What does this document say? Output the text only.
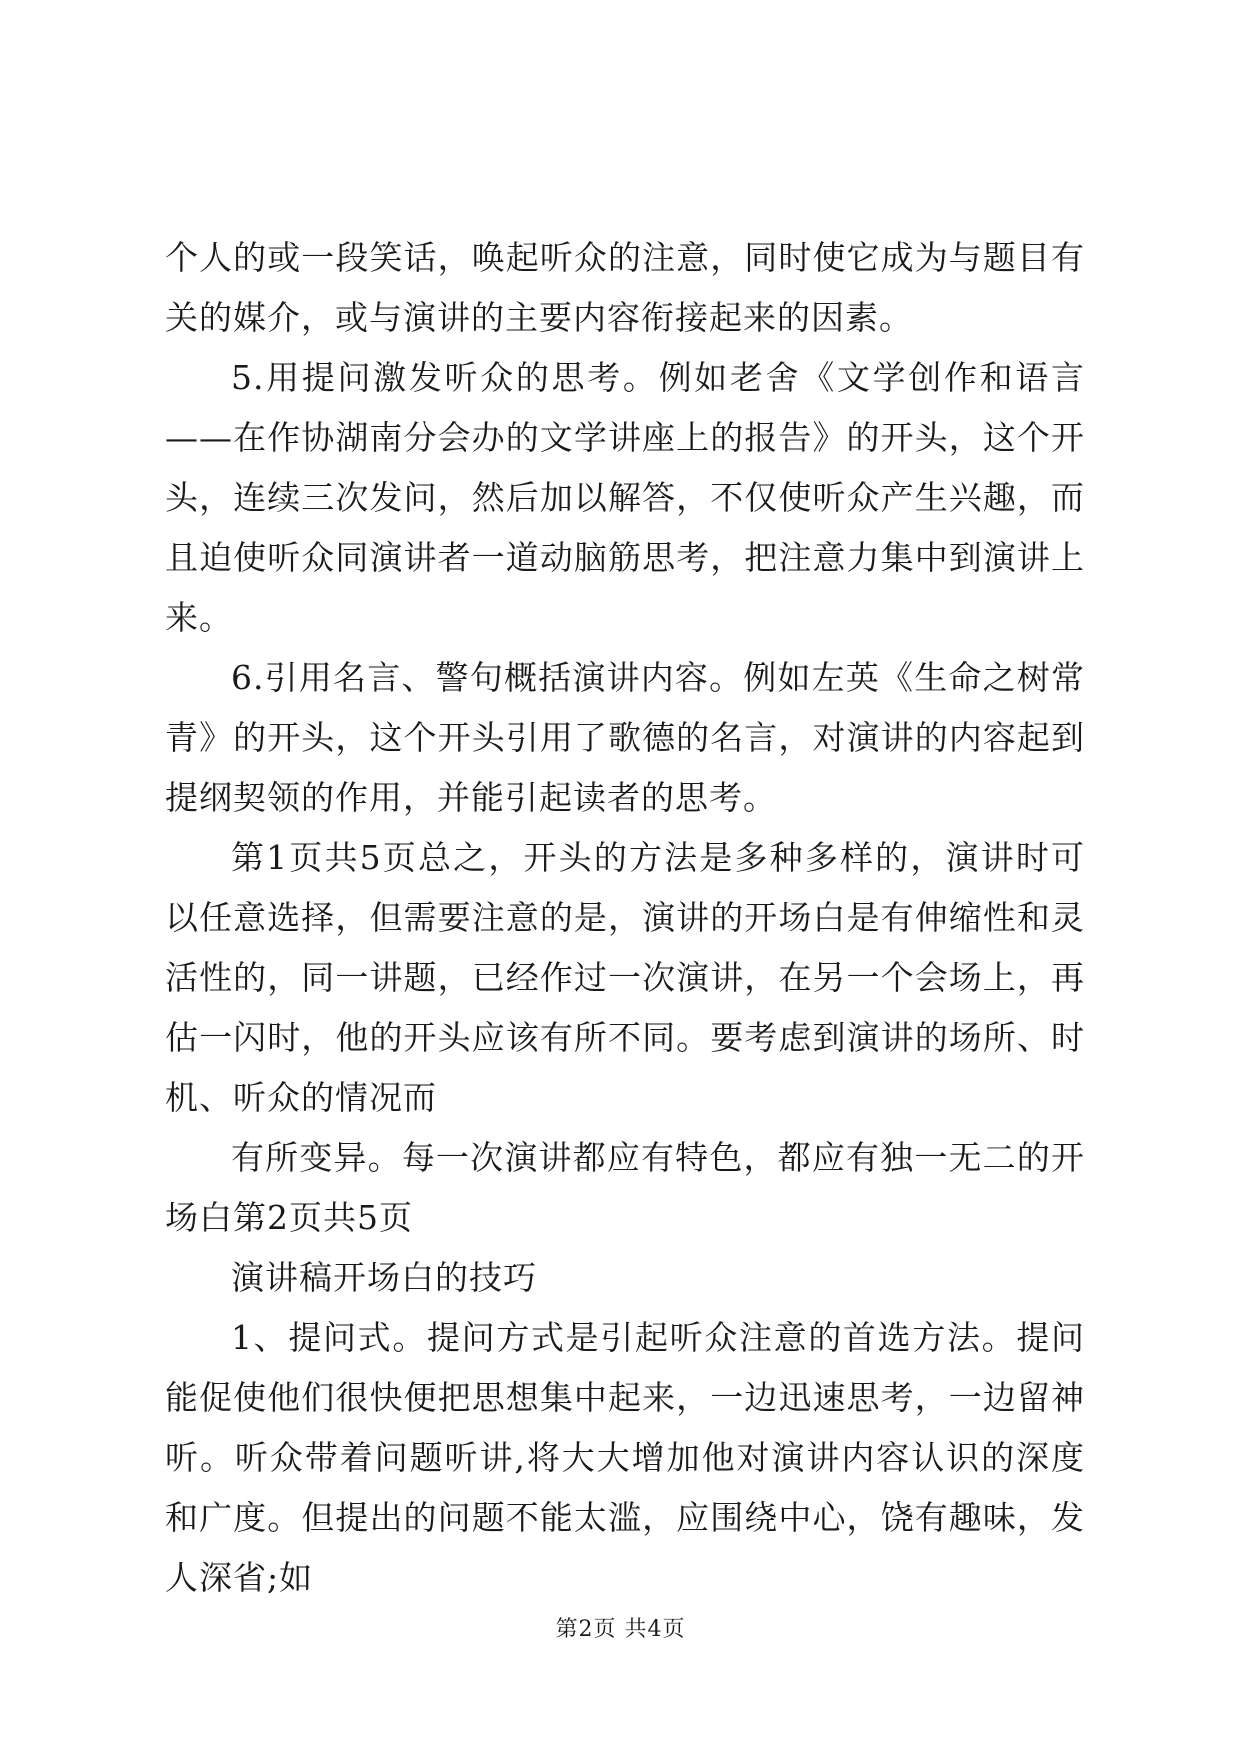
个人的或一段笑话，唤起听众的注意，同时使它成为与题目有关的媒介，或与演讲的主要内容衔接起来的因素。

5.用提问激发听众的思考。例如老舍《文学创作和语言——在作协湖南分会办的文学讲座上的报告》的开头，这个开头，连续三次发问，然后加以解答，不仅使听众产生兴趣，而且迫使听众同演讲者一道动脑筋思考，把注意力集中到演讲上来。

6.引用名言、警句概括演讲内容。例如左英《生命之树常青》的开头，这个开头引用了歌德的名言，对演讲的内容起到提纲契领的作用，并能引起读者的思考。

第1页共5页总之，开头的方法是多种多样的，演讲时可以任意选择，但需要注意的是，演讲的开场白是有伸缩性和灵活性的，同一讲题，已经作过一次演讲，在另一个会场上，再估一闪时，他的开头应该有所不同。要考虑到演讲的场所、时机、听众的情况而

有所变异。每一次演讲都应有特色，都应有独一无二的开场白第2页共5页

演讲稿开场白的技巧

1、提问式。提问方式是引起听众注意的首选方法。提问能促使他们很快便把思想集中起来，一边迅速思考，一边留神听。听众带着问题听讲,将大大增加他对演讲内容认识的深度和广度。但提出的问题不能太滥，应围绕中心，饶有趣味，发人深省;如

第2页 共4页
